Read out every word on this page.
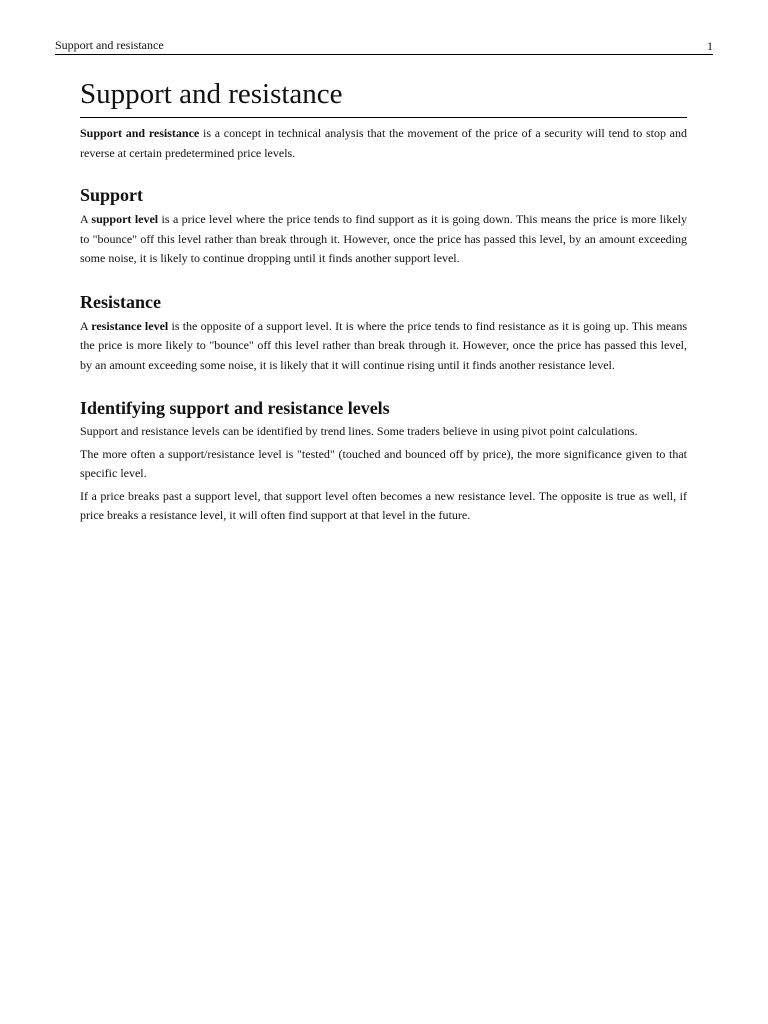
Support and resistance	1
Support and resistance

Support and resistance is a concept in technical analysis that the movement of the price of a security will tend to stop and reverse at certain predetermined price levels.

Support

A support level is a price level where the price tends to find support as it is going down. This means the price is more likely to "bounce" off this level rather than break through it. However, once the price has passed this level, by an amount exceeding some noise, it is likely to continue dropping until it finds another support level.

Resistance

A resistance level is the opposite of a support level. It is where the price tends to find resistance as it is going up. This means the price is more likely to "bounce" off this level rather than break through it. However, once the price has passed this level, by an amount exceeding some noise, it is likely that it will continue rising until it finds another resistance level.

Identifying support and resistance levels

Support and resistance levels can be identified by trend lines. Some traders believe in using pivot point calculations.

The more often a support/resistance level is "tested" (touched and bounced off by price), the more significance given to that specific level.

If a price breaks past a support level, that support level often becomes a new resistance level. The opposite is true as well, if price breaks a resistance level, it will often find support at that level in the future.
